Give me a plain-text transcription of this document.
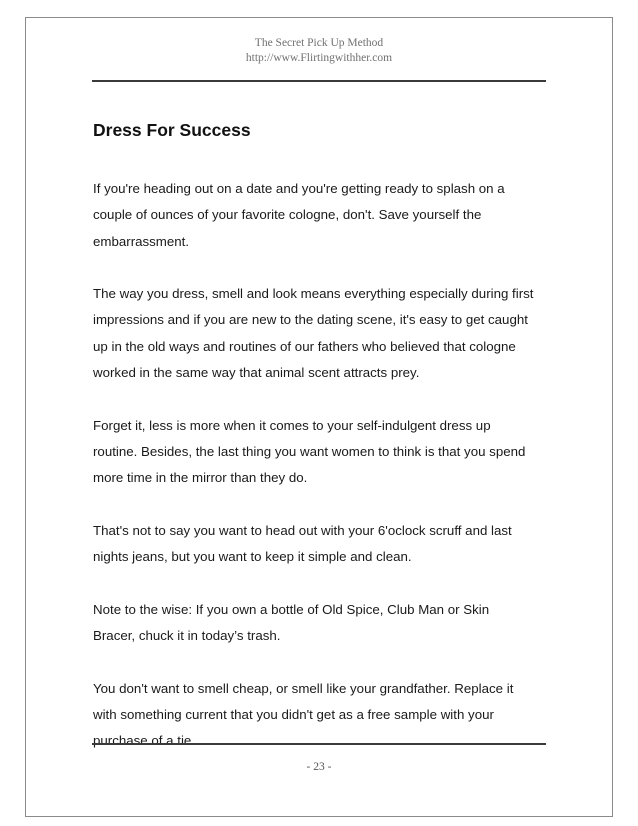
The Secret Pick Up Method
http://www.Flirtingwithher.com
Dress For Success

If you're heading out on a date and you're getting ready to splash on a
couple of ounces of your favorite cologne, don't. Save yourself the
embarrassment.

The way you dress, smell and look means everything especially during first
impressions and if you are new to the dating scene, it's easy to get caught
up in the old ways and routines of our fathers who believed that cologne
worked in the same way that animal scent attracts prey.

Forget it, less is more when it comes to your self-indulgent dress up
routine. Besides, the last thing you want women to think is that you spend
more time in the mirror than they do.

That's not to say you want to head out with your 6'oclock scruff and last
nights jeans, but you want to keep it simple and clean.

Note to the wise: If you own a bottle of Old Spice, Club Man or Skin
Bracer, chuck it in today’s trash.

You don't want to smell cheap, or smell like your grandfather. Replace it
with something current that you didn't get as a free sample with your
purchase of a tie.

- 23 -
